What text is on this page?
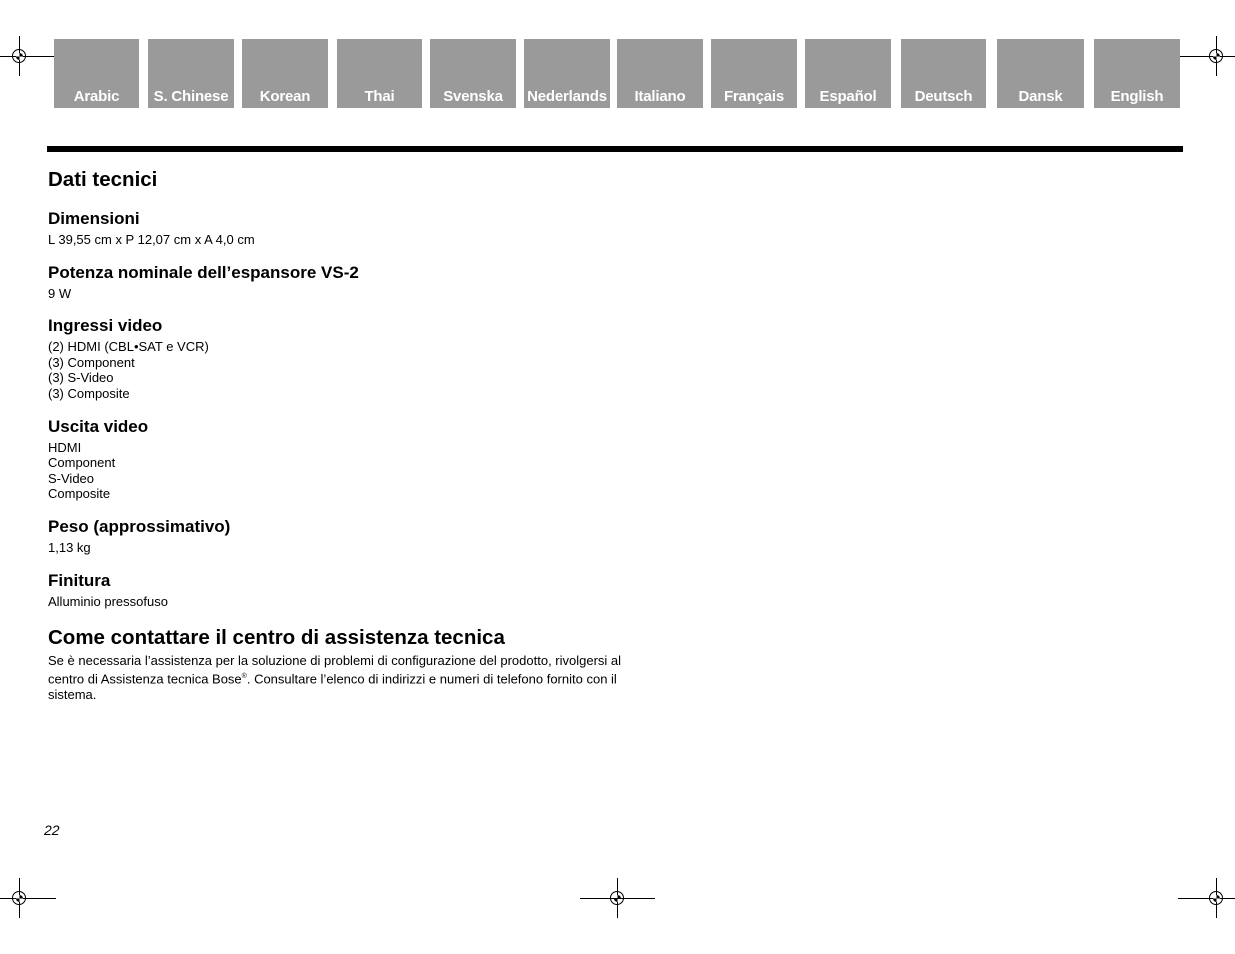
Arabic	S. Chinese	Korean	Thai	Svenska	Nederlands	Italiano	Français	Español	Deutsch	Dansk	English
Dati tecnici
Dimensioni
L 39,55 cm x P 12,07 cm x A 4,0 cm
Potenza nominale dell’espansore VS-2
9 W
Ingressi video
(2) HDMI (CBL•SAT e VCR)
(3) Component
(3) S-Video
(3) Composite
Uscita video
HDMI
Component
S-Video
Composite
Peso (approssimativo)
1,13 kg
Finitura
Alluminio pressofuso
Come contattare il centro di assistenza tecnica
Se è necessaria l’assistenza per la soluzione di problemi di configurazione del prodotto, rivolgersi al
centro di Assistenza tecnica Bose®. Consultare l’elenco di indirizzi e numeri di telefono fornito con il
sistema.
22
